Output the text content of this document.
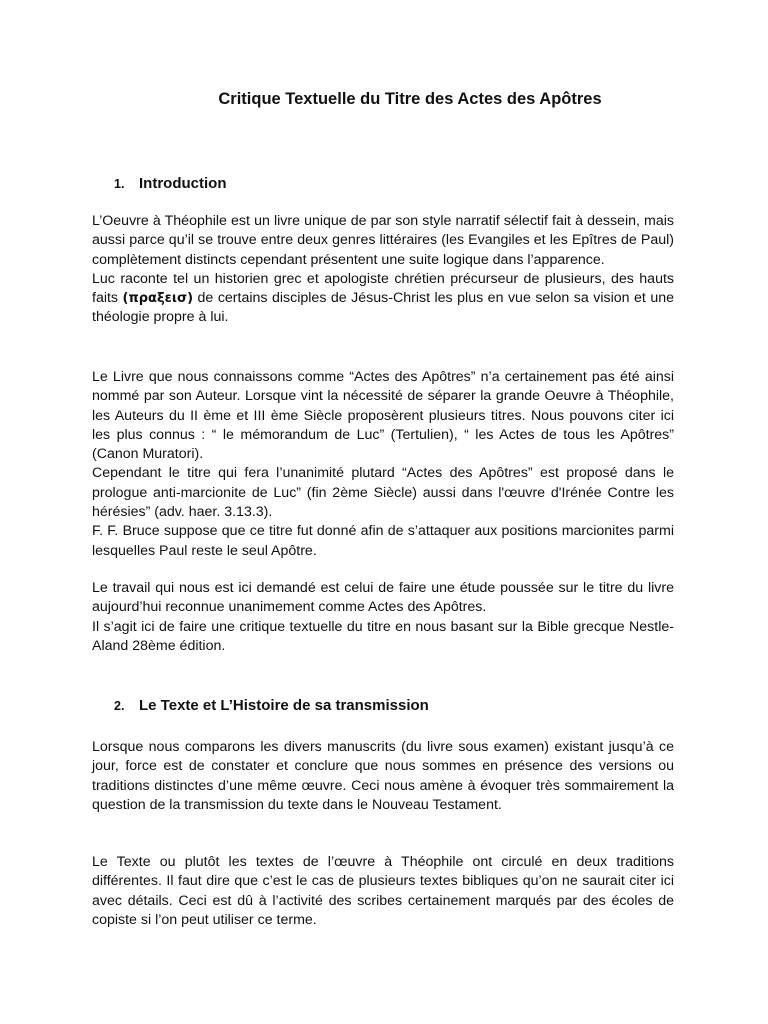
Critique Textuelle du Titre des Actes des Apôtres
1. Introduction

L’Oeuvre à Théophile est un livre unique de par son style narratif sélectif fait à dessein, mais aussi parce qu’il se trouve entre deux genres littéraires (les Evangiles et les Epîtres de Paul) complètement distincts cependant présentent une suite logique dans l’apparence.

Luc raconte tel un historien grec et apologiste chrétien précurseur de plusieurs, des hauts faits (πραξεισ) de certains disciples de Jésus-Christ les plus en vue selon sa vision et une théologie propre à lui.

Le Livre que nous connaissons comme “Actes des Apôtres” n’a certainement pas été ainsi nommé par son Auteur. Lorsque vint la nécessité de séparer la grande Oeuvre à Théophile, les Auteurs du II ème et III ème Siècle proposèrent plusieurs titres. Nous pouvons citer ici les plus connus : “ le mémorandum de Luc” (Tertulien), “ les Actes de tous les Apôtres” (Canon Muratori).

Cependant le titre qui fera l’unanimité plutard “Actes des Apôtres” est proposé dans le prologue anti-marcionite de Luc” (fin 2ème Siècle) aussi dans l'œuvre d'Irénée Contre les hérésies” (adv. haer. 3.13.3).

F. F. Bruce suppose que ce titre fut donné afin de s’attaquer aux positions marcionites parmi lesquelles Paul reste le seul Apôtre.

Le travail qui nous est ici demandé est celui de faire une étude poussée sur le titre du livre aujourd’hui reconnue unanimement comme Actes des Apôtres.

Il s’agit ici de faire une critique textuelle du titre en nous basant sur la Bible grecque Nestle-Aland 28ème édition.

2. Le Texte et L’Histoire de sa transmission

Lorsque nous comparons les divers manuscrits (du livre sous examen) existant jusqu’à ce jour, force est de constater et conclure que nous sommes en présence des versions ou traditions distinctes d’une même œuvre. Ceci nous amène à évoquer très sommairement la question de la transmission du texte dans le Nouveau Testament.

Le Texte ou plutôt les textes de l’œuvre à Théophile ont circulé en deux traditions différentes. Il faut dire que c’est le cas de plusieurs textes bibliques qu’on ne saurait citer ici avec détails. Ceci est dû à l’activité des scribes certainement marqués par des écoles de copiste si l’on peut utiliser ce terme.
